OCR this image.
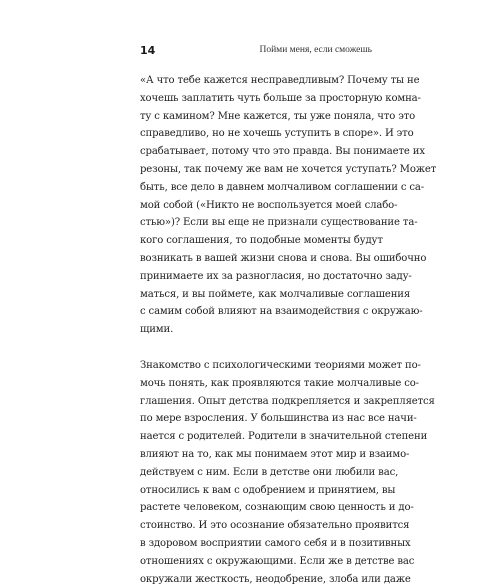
14	Пойми меня, если сможешь
«А что тебе кажется несправедливым? Почему ты не
хочешь заплатить чуть больше за просторную комна-
ту с камином? Мне кажется, ты уже поняла, что это
справедливо, но не хочешь уступить в споре». И это
срабатывает, потому что это правда. Вы понимаете их
резоны, так почему же вам не хочется уступать? Может
быть, все дело в давнем молчаливом соглашении с са-
мой собой («Никто не воспользуется моей слабо-
стью»)? Если вы еще не признали существование та-
кого соглашения, то подобные моменты будут
возникать в вашей жизни снова и снова. Вы ошибочно
принимаете их за разногласия, но достаточно заду-
маться, и вы поймете, как молчаливые соглашения
с самим собой влияют на взаимодействия с окружаю-
щими.
Знакомство с психологическими теориями может по-
мочь понять, как проявляются такие молчаливые со-
глашения. Опыт детства подкрепляется и закрепляется
по мере взросления. У большинства из нас все начи-
нается с родителей. Родители в значительной степени
влияют на то, как мы понимаем этот мир и взаимо-
действуем с ним. Если в детстве они любили вас,
относились к вам с одобрением и принятием, вы
растете человеком, сознающим свою ценность и до-
стоинство. И это осознание обязательно проявится
в здоровом восприятии самого себя и в позитивных
отношениях с окружающими. Если же в детстве вас
окружали жесткость, неодобрение, злоба или даже
